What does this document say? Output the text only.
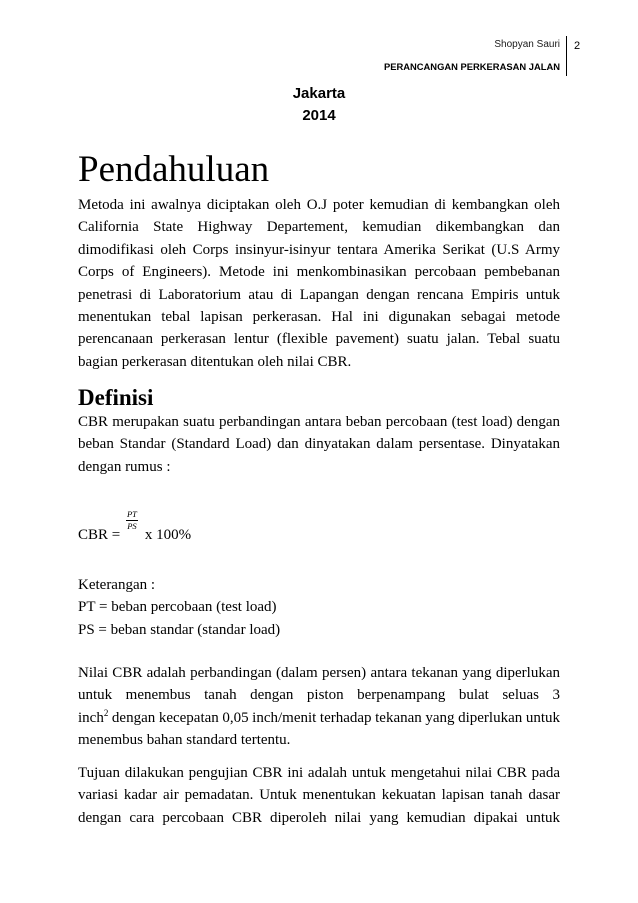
Shopyan Sauri
PERANCANGAN PERKERASAN JALAN
2
Jakarta
2014
Pendahuluan
Metoda ini awalnya diciptakan oleh O.J poter kemudian di kembangkan oleh
California State Highway Departement, kemudian dikembangkan dan
dimodifikasi oleh Corps insinyur-isinyur tentara Amerika Serikat (U.S Army
Corps of Engineers). Metode ini menkombinasikan percobaan pembebanan
penetrasi di Laboratorium atau di Lapangan dengan rencana Empiris untuk
menentukan tebal lapisan perkerasan. Hal ini digunakan sebagai metode
perencanaan perkerasan lentur (flexible pavement) suatu jalan. Tebal suatu
bagian perkerasan ditentukan oleh nilai CBR.
Definisi
CBR merupakan suatu perbandingan antara beban percobaan (test load) dengan
beban Standar (Standard Load) dan dinyatakan dalam persentase. Dinyatakan
dengan rumus :
CBR =
$\frac{PT}{PS}$
x 100%
Keterangan :
PT = beban percobaan (test load)
PS = beban standar (standar load)
Nilai CBR adalah perbandingan (dalam persen) antara tekanan yang diperlukan
untuk menembus tanah dengan piston berpenampang bulat seluas 3
inch$^2$ dengan kecepatan 0,05 inch/menit terhadap tekanan yang diperlukan untuk
menembus bahan standard tertentu.
Tujuan dilakukan pengujian CBR ini adalah untuk mengetahui nilai CBR pada
variasi kadar air pemadatan. Untuk menentukan kekuatan lapisan tanah dasar
dengan cara percobaan CBR diperoleh nilai yang kemudian dipakai untuk
